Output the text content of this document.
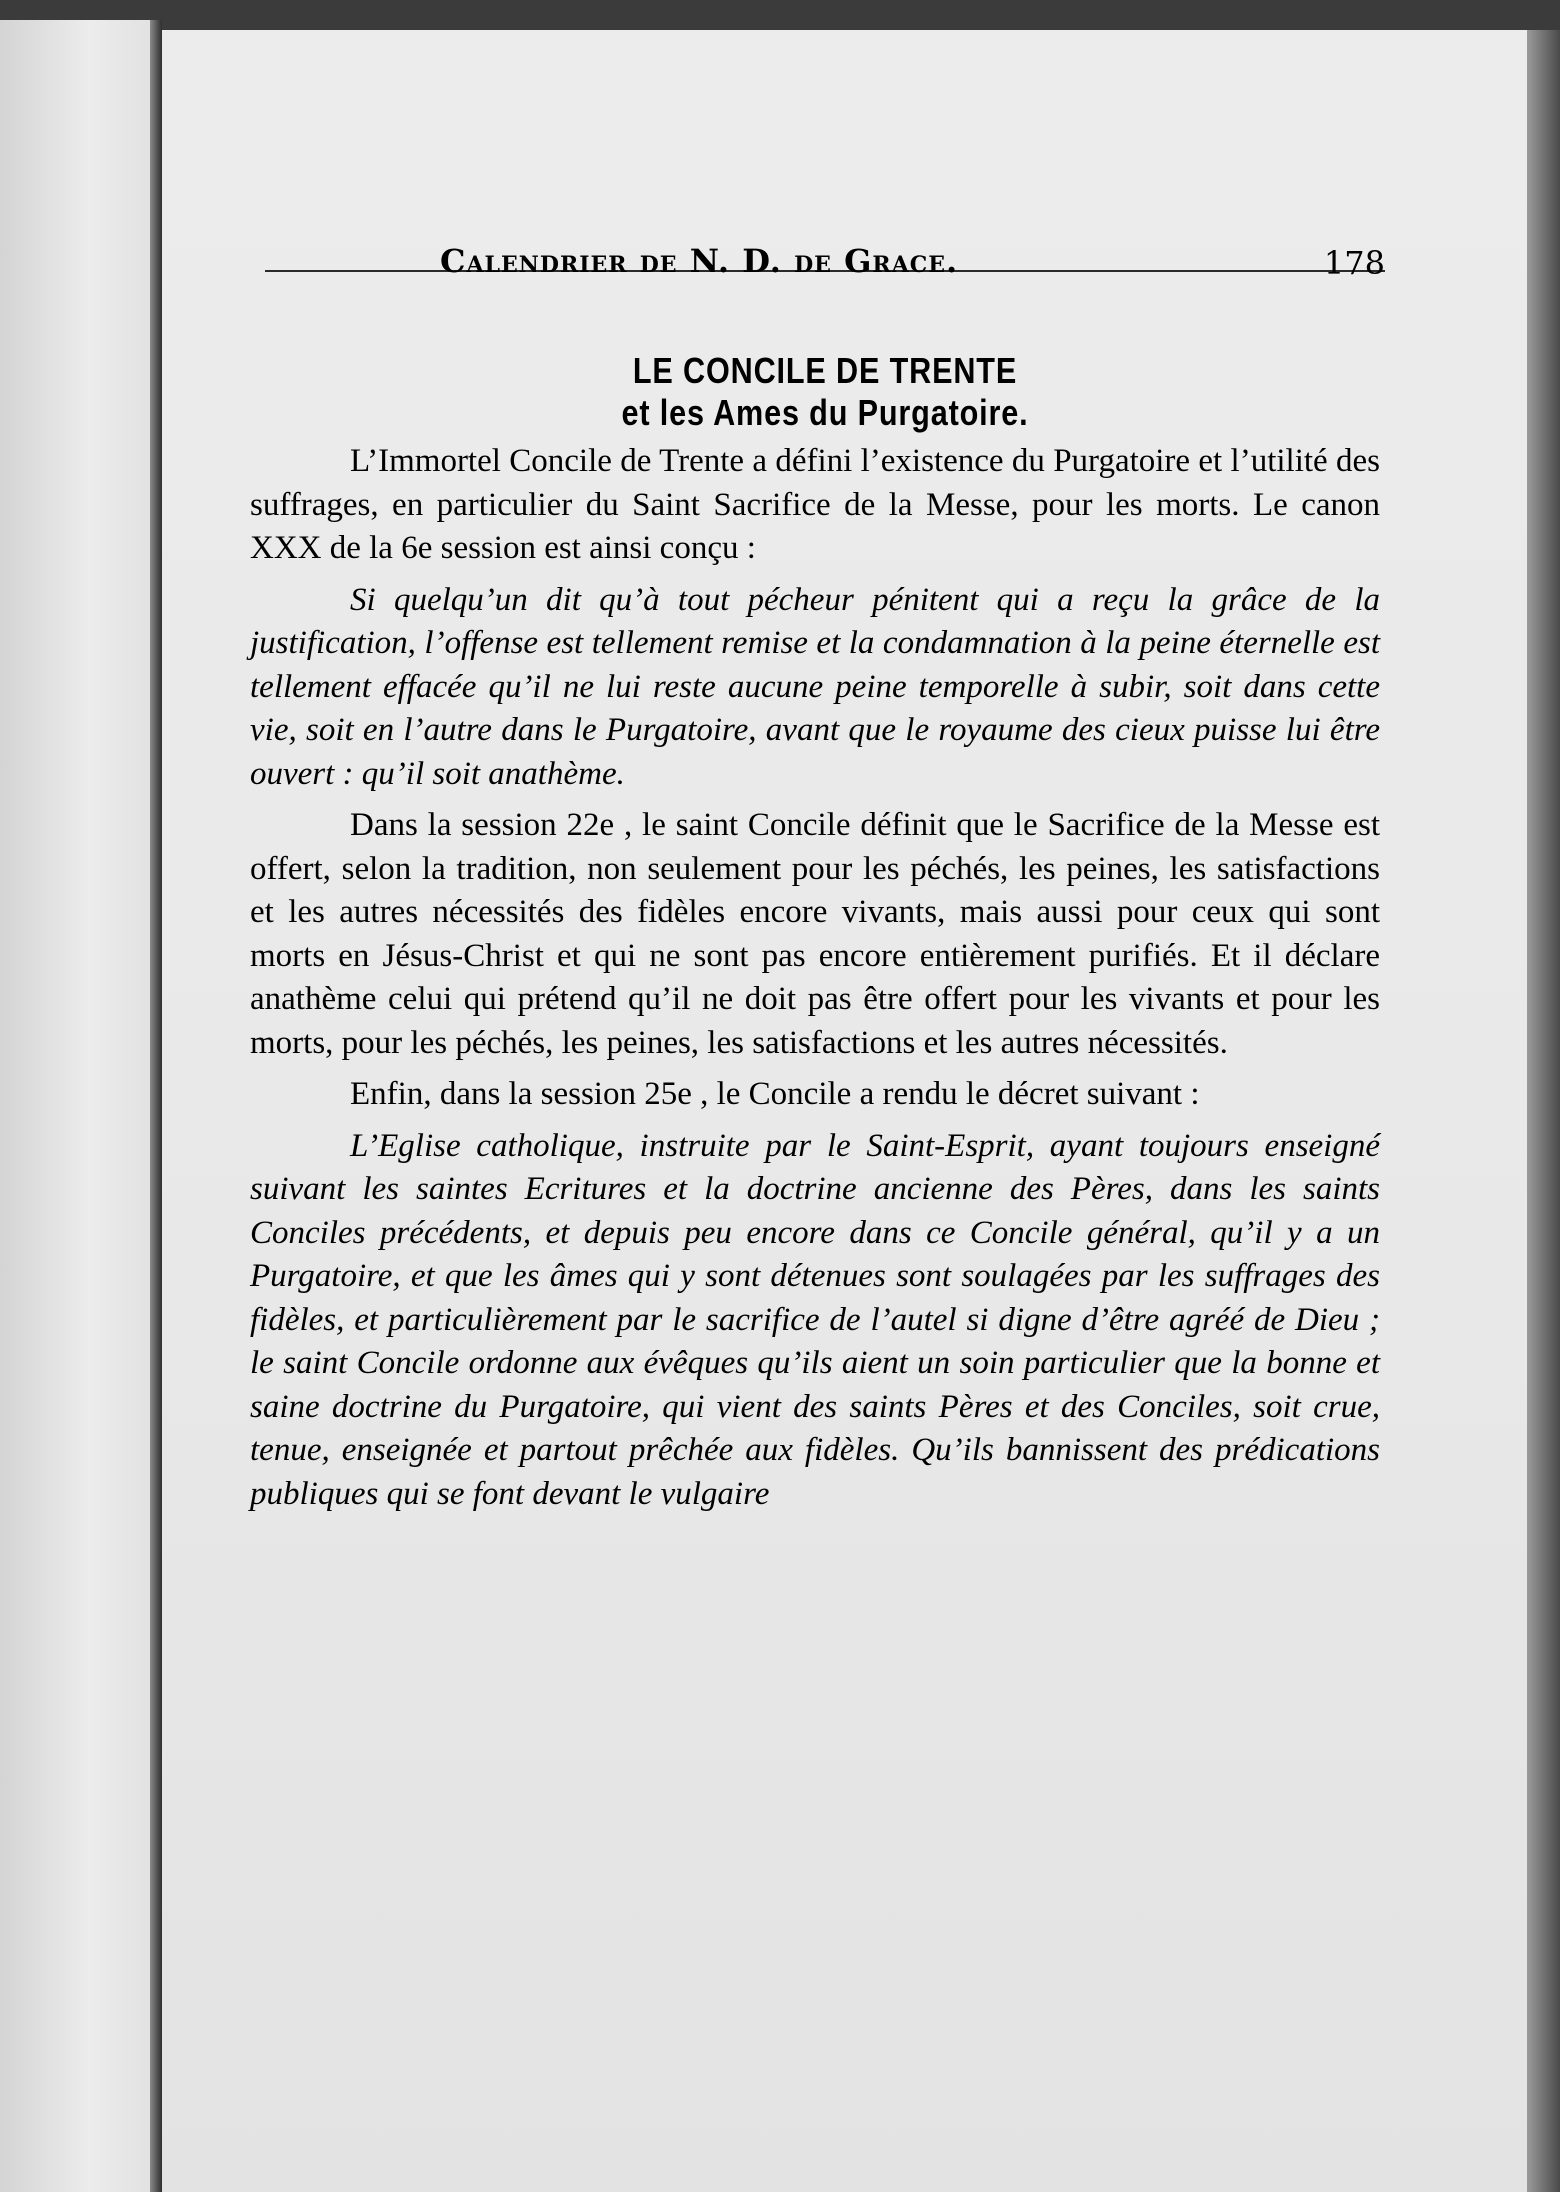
Calendrier de N. D. de Grace.	178
LE CONCILE DE TRENTE
et les Ames du Purgatoire.

L’Immortel Concile de Trente a défini l’existence du Purgatoire et l’utilité des suffrages, en particulier du Saint Sacrifice de la Messe, pour les morts. Le canon XXX de la 6e session est ainsi conçu :

Si quelqu’un dit qu’à tout pécheur pénitent qui a reçu la grâce de la justification, l’offense est tellement remise et la condamnation à la peine éternelle est tellement effacée qu’il ne lui reste aucune peine temporelle à subir, soit dans cette vie, soit en l’autre dans le Purgatoire, avant que le royaume des cieux puisse lui être ouvert : qu’il soit anathème.

Dans la session 22e , le saint Concile définit que le Sacrifice de la Messe est offert, selon la tradition, non seulement pour les péchés, les peines, les satisfactions et les autres nécessités des fidèles encore vivants, mais aussi pour ceux qui sont morts en Jésus-Christ et qui ne sont pas encore entièrement purifiés. Et il déclare anathème celui qui prétend qu’il ne doit pas être offert pour les vivants et pour les morts, pour les péchés, les peines, les satisfactions et les autres nécessités.

Enfin, dans la session 25e , le Concile a rendu le décret suivant :

L’Eglise catholique, instruite par le Saint-Esprit, ayant toujours enseigné suivant les saintes Ecritures et la doctrine ancienne des Pères, dans les saints Conciles précédents, et depuis peu encore dans ce Concile général, qu’il y a un Purgatoire, et que les âmes qui y sont détenues sont soulagées par les suffrages des fidèles, et particulièrement par le sacrifice de l’autel si digne d’être agréé de Dieu ; le saint Concile ordonne aux évêques qu’ils aient un soin particulier que la bonne et saine doctrine du Purgatoire, qui vient des saints Pères et des Conciles, soit crue, tenue, enseignée et partout prêchée aux fidèles. Qu’ils bannissent des prédications publiques qui se font devant le vulgaire
